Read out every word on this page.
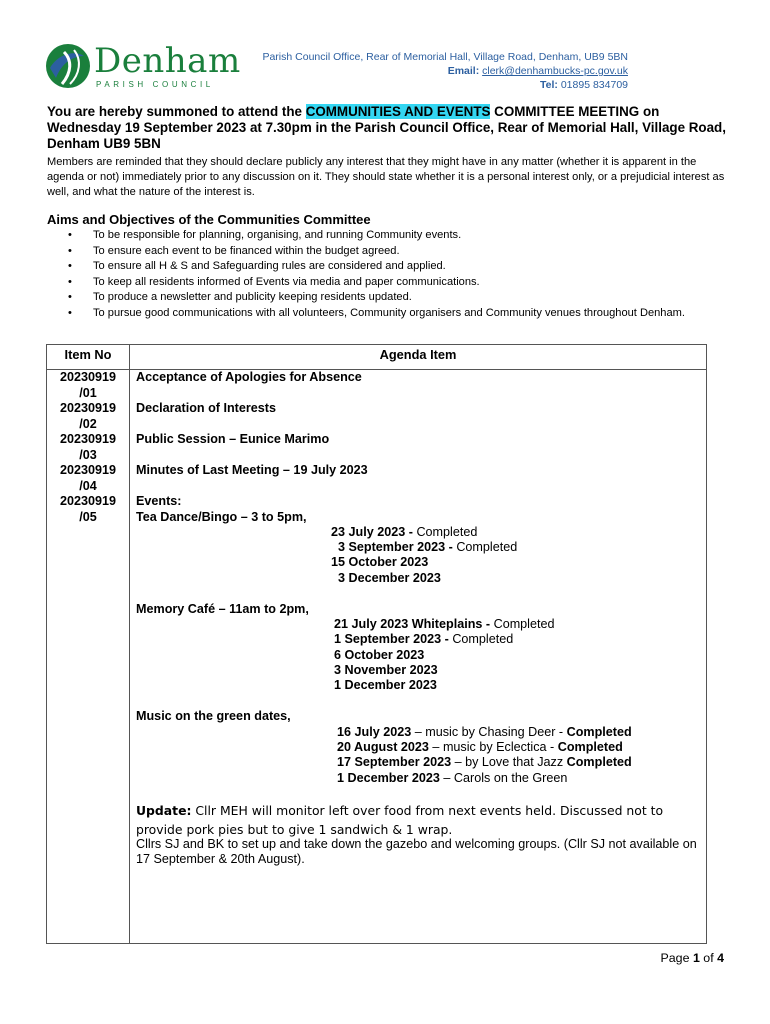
Denham
PARISH COUNCIL
Parish Council Office, Rear of Memorial Hall, Village Road, Denham, UB9 5BN
Email: clerk@denhambucks-pc.gov.uk
Tel: 01895 834709
You are hereby summoned to attend the COMMUNITIES AND EVENTS COMMITTEE MEETING on Wednesday 19 September 2023 at 7.30pm in the Parish Council Office, Rear of Memorial Hall, Village Road, Denham UB9 5BN
Members are reminded that they should declare publicly any interest that they might have in any matter (whether it is apparent in the agenda or not) immediately prior to any discussion on it. They should state whether it is a personal interest only, or a prejudicial interest as well, and what the nature of the interest is.
Aims and Objectives of the Communities Committee
• To be responsible for planning, organising, and running Community events.
• To ensure each event to be financed within the budget agreed.
• To ensure all H & S and Safeguarding rules are considered and applied.
• To keep all residents informed of Events via media and paper communications.
• To produce a newsletter and publicity keeping residents updated.
• To pursue good communications with all volunteers, Community organisers and Community venues throughout Denham.
Item No	Agenda Item
20230919
/01
Acceptance of Apologies for Absence
20230919
/02
Declaration of Interests
20230919
/03
Public Session – Eunice Marimo
20230919
/04
Minutes of Last Meeting – 19 July 2023
20230919
/05
Events:
Tea Dance/Bingo – 3 to 5pm,
23 July 2023 - Completed
3 September 2023 - Completed
15 October 2023
3 December 2023
Memory Café – 11am to 2pm,
21 July 2023 Whiteplains - Completed
1 September 2023 - Completed
6 October 2023
3 November 2023
1 December 2023
Music on the green dates,
16 July 2023 – music by Chasing Deer - Completed
20 August 2023 – music by Eclectica - Completed
17 September 2023 – by Love that Jazz Completed
1 December 2023 – Carols on the Green
Update: Cllr MEH will monitor left over food from next events held. Discussed not to provide pork pies but to give 1 sandwich & 1 wrap.
Cllrs SJ and BK to set up and take down the gazebo and welcoming groups. (Cllr SJ not available on 17 September & 20th August).
Page 1 of 4
